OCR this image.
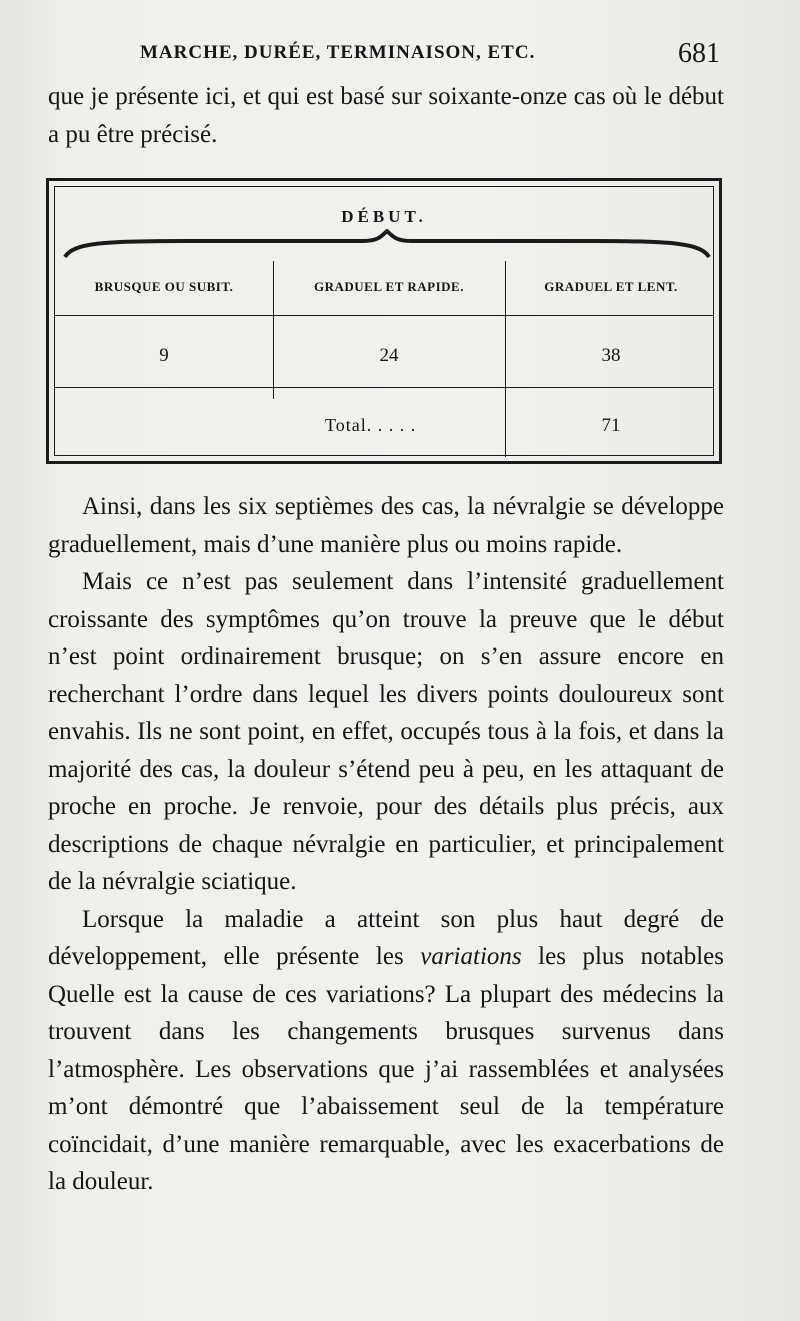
MARCHE, DURÉE, TERMINAISON, ETC.	681

que je présente ici, et qui est basé sur soixante-onze cas où le début a pu être précisé.

DÉBUT.
BRUSQUE OU SUBIT.	GRADUEL ET RAPIDE.	GRADUEL ET LENT.
9	24	38
Total. . . . .	71

Ainsi, dans les six septièmes des cas, la névralgie se développe graduellement, mais d’une manière plus ou moins rapide.

Mais ce n’est pas seulement dans l’intensité graduellement croissante des symptômes qu’on trouve la preuve que le début n’est point ordinairement brusque; on s’en assure encore en recherchant l’ordre dans lequel les divers points douloureux sont envahis. Ils ne sont point, en effet, occupés tous à la fois, et dans la majorité des cas, la douleur s’étend peu à peu, en les attaquant de proche en proche. Je renvoie, pour des détails plus précis, aux descriptions de chaque névralgie en particulier, et principalement de la névralgie sciatique.

Lorsque la maladie a atteint son plus haut degré de développement, elle présente les variations les plus notables Quelle est la cause de ces variations? La plupart des médecins la trouvent dans les changements brusques survenus dans l’atmosphère. Les observations que j’ai rassemblées et analysées m’ont démontré que l’abaissement seul de la température coïncidait, d’une manière remarquable, avec les exacerbations de la douleur.
